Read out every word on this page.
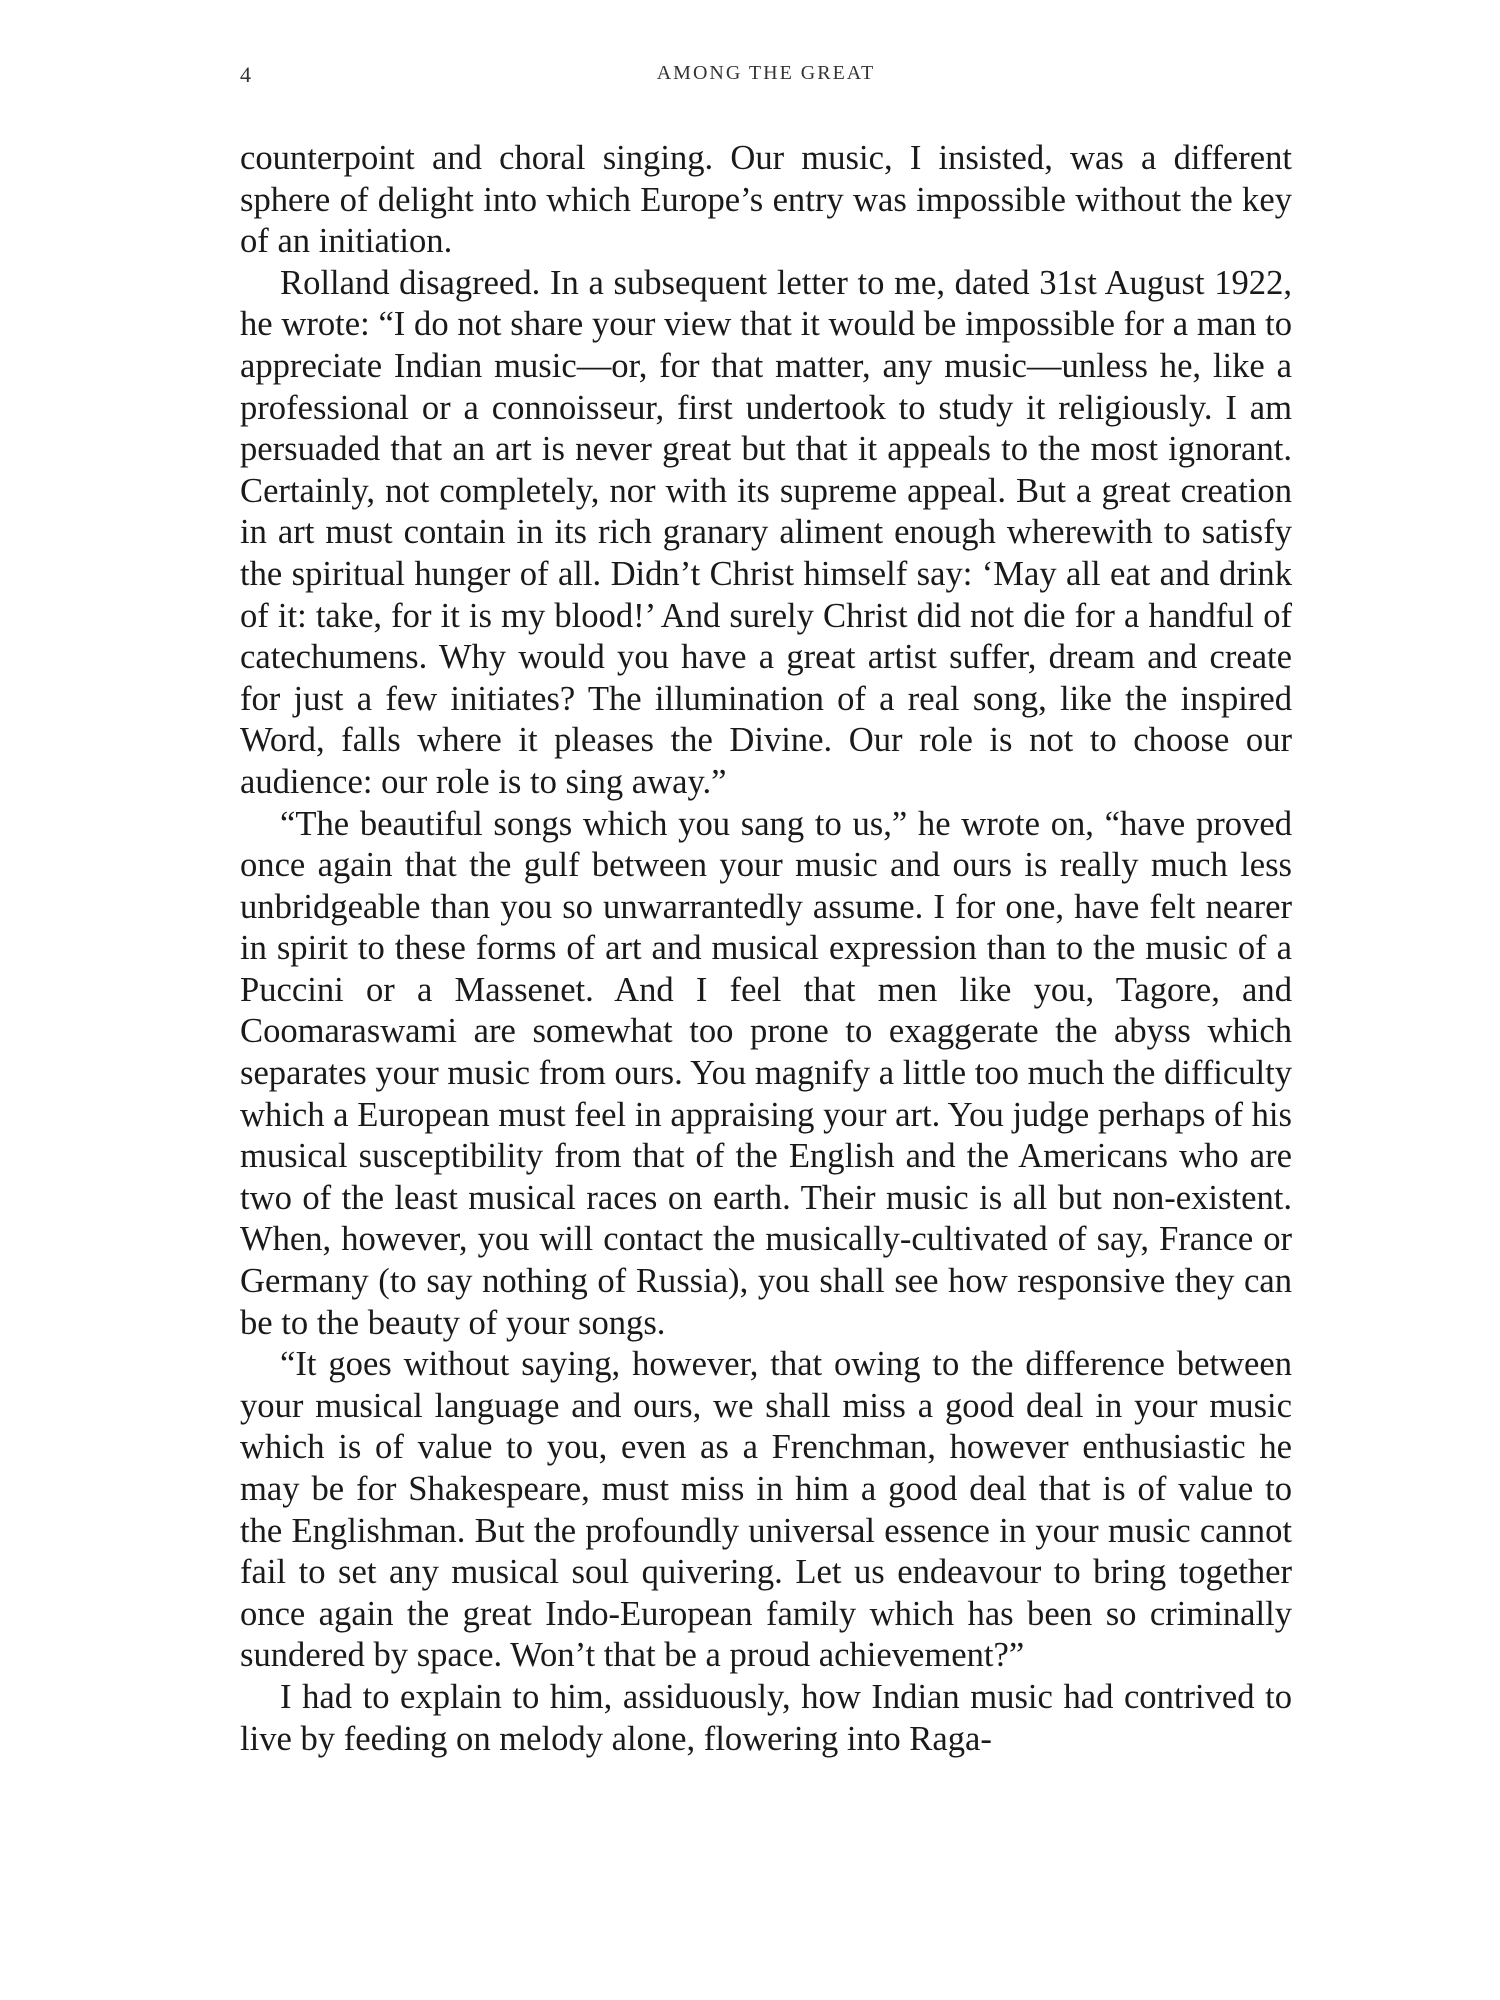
4	AMONG THE GREAT

counterpoint and choral singing. Our music, I insisted, was a different sphere of delight into which Europe’s entry was impossible without the key of an initiation.

Rolland disagreed. In a subsequent letter to me, dated 31st August 1922, he wrote: “I do not share your view that it would be impossible for a man to appreciate Indian music—or, for that matter, any music—unless he, like a professional or a connoisseur, first undertook to study it religiously. I am persuaded that an art is never great but that it appeals to the most ignorant. Certainly, not completely, nor with its supreme appeal. But a great creation in art must contain in its rich granary aliment enough wherewith to satisfy the spiritual hunger of all. Didn’t Christ himself say: ‘May all eat and drink of it: take, for it is my blood!’ And surely Christ did not die for a handful of catechumens. Why would you have a great artist suffer, dream and create for just a few initiates? The illumination of a real song, like the inspired Word, falls where it pleases the Divine. Our role is not to choose our audience: our role is to sing away.”

“The beautiful songs which you sang to us,” he wrote on, “have proved once again that the gulf between your music and ours is really much less unbridgeable than you so unwarrantedly assume. I for one, have felt nearer in spirit to these forms of art and musical expression than to the music of a Puccini or a Massenet. And I feel that men like you, Tagore, and Coomaraswami are somewhat too prone to exaggerate the abyss which separates your music from ours. You magnify a little too much the difficulty which a European must feel in appraising your art. You judge perhaps of his musical susceptibility from that of the English and the Americans who are two of the least musical races on earth. Their music is all but non-existent. When, however, you will contact the musically-cultivated of say, France or Germany (to say nothing of Russia), you shall see how responsive they can be to the beauty of your songs.

“It goes without saying, however, that owing to the difference between your musical language and ours, we shall miss a good deal in your music which is of value to you, even as a Frenchman, however enthusiastic he may be for Shakespeare, must miss in him a good deal that is of value to the Englishman. But the profoundly universal essence in your music cannot fail to set any musical soul quivering. Let us endeavour to bring together once again the great Indo-European family which has been so criminally sundered by space. Won’t that be a proud achievement?”

I had to explain to him, assiduously, how Indian music had contrived to live by feeding on melody alone, flowering into Raga-
